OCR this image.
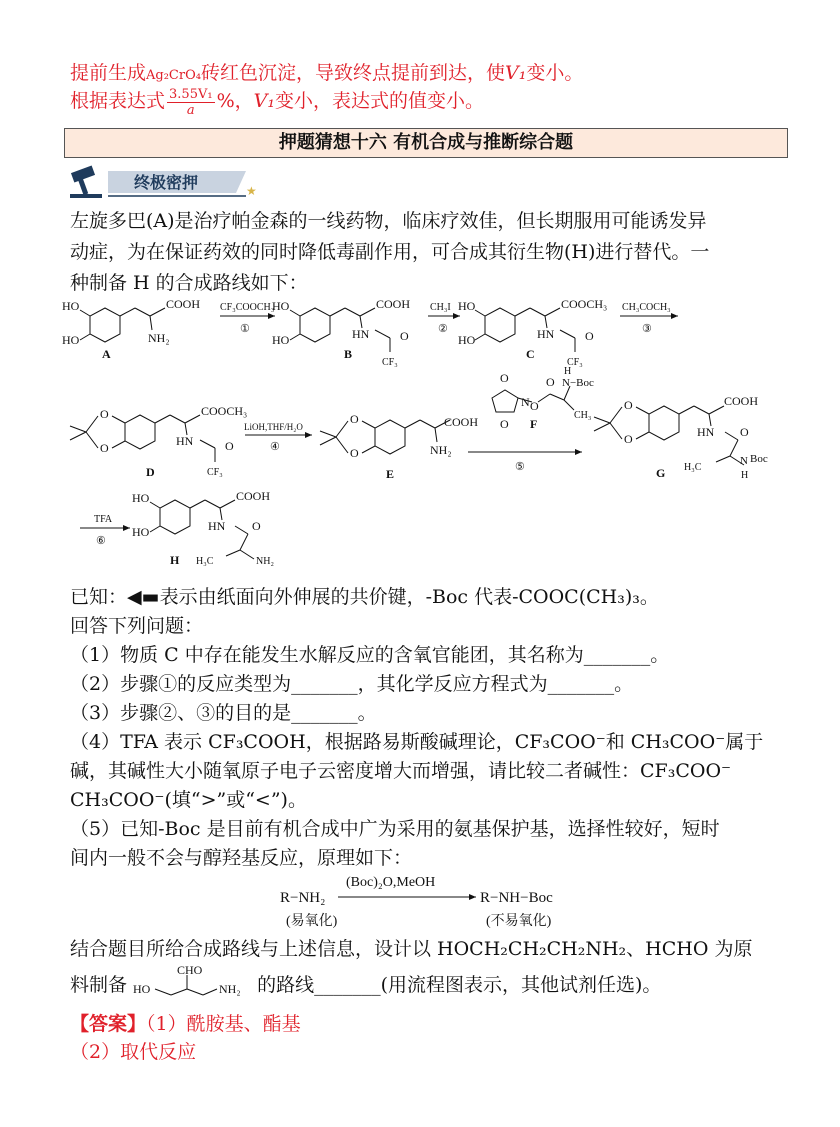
提前生成Ag₂CrO₄砖红色沉淀，导致终点提前到达，使V₁变小。
根据表达式 $\frac{\text{3.55V₁}}{a}$ %，V₁变小，表达式的值变小。
押题猜想十六 有机合成与推断综合题
终极密押	★
左旋多巴(A)是治疗帕金森的一线药物，临床疗效佳，但长期服用可能诱发异
动症，为在保证药效的同时降低毒副作用，可合成其衍生物(H)进行替代。一
种制备 H 的合成路线如下：
HO
HO
COOH
NH₂
A
CF₃COOCH₃
①
HO
HO
COOH
HN	O
CF₃
B
CH₃I
②
HO
HO
COOCH₃
HN	O
CF₃
C
CH₃COCH₃
③
O
O
COOCH₃
HN	O
CF₃
D
LiOH,THF/H₂O
④
O
O
COOH
NH₂
E	⑤
O
O
N O
O
H
N−Boc
CH₃
F
O
O
COOH
HN O
H₃C
N
H
Boc
G
TFA
⑥
HO
HO
COOH
HN O
H₃C	NH₂
H
已知：◀▬表示由纸面向外伸展的共价键，-Boc 代表-COOC(CH₃)₃。
回答下列问题：
（1）物质 C 中存在能发生水解反应的含氧官能团，其名称为_______。
（2）步骤①的反应类型为_______，其化学反应方程式为_______。
（3）步骤②、③的目的是_______。
（4）TFA 表示 CF₃COOH，根据路易斯酸碱理论，CF₃COO⁻和 CH₃COO⁻属于
碱，其碱性大小随氧原子电子云密度增大而增强，请比较二者碱性：CF₃COO⁻
CH₃COO⁻(填“>”或“<”)。
（5）已知-Boc 是目前有机合成中广为采用的氨基保护基，选择性较好，短时
间内一般不会与醇羟基反应，原理如下：
R−NH₂
(Boc)₂O,MeOH
R−NH−Boc
(易氧化)	(不易氧化)
结合题目所给合成路线与上述信息，设计以 HOCH₂CH₂CH₂NH₂、HCHO 为原
料制备 HO
CHO
NH₂ 的路线_______(用流程图表示，其他试剂任选)。
【答案】（1）酰胺基、酯基
（2）取代反应
